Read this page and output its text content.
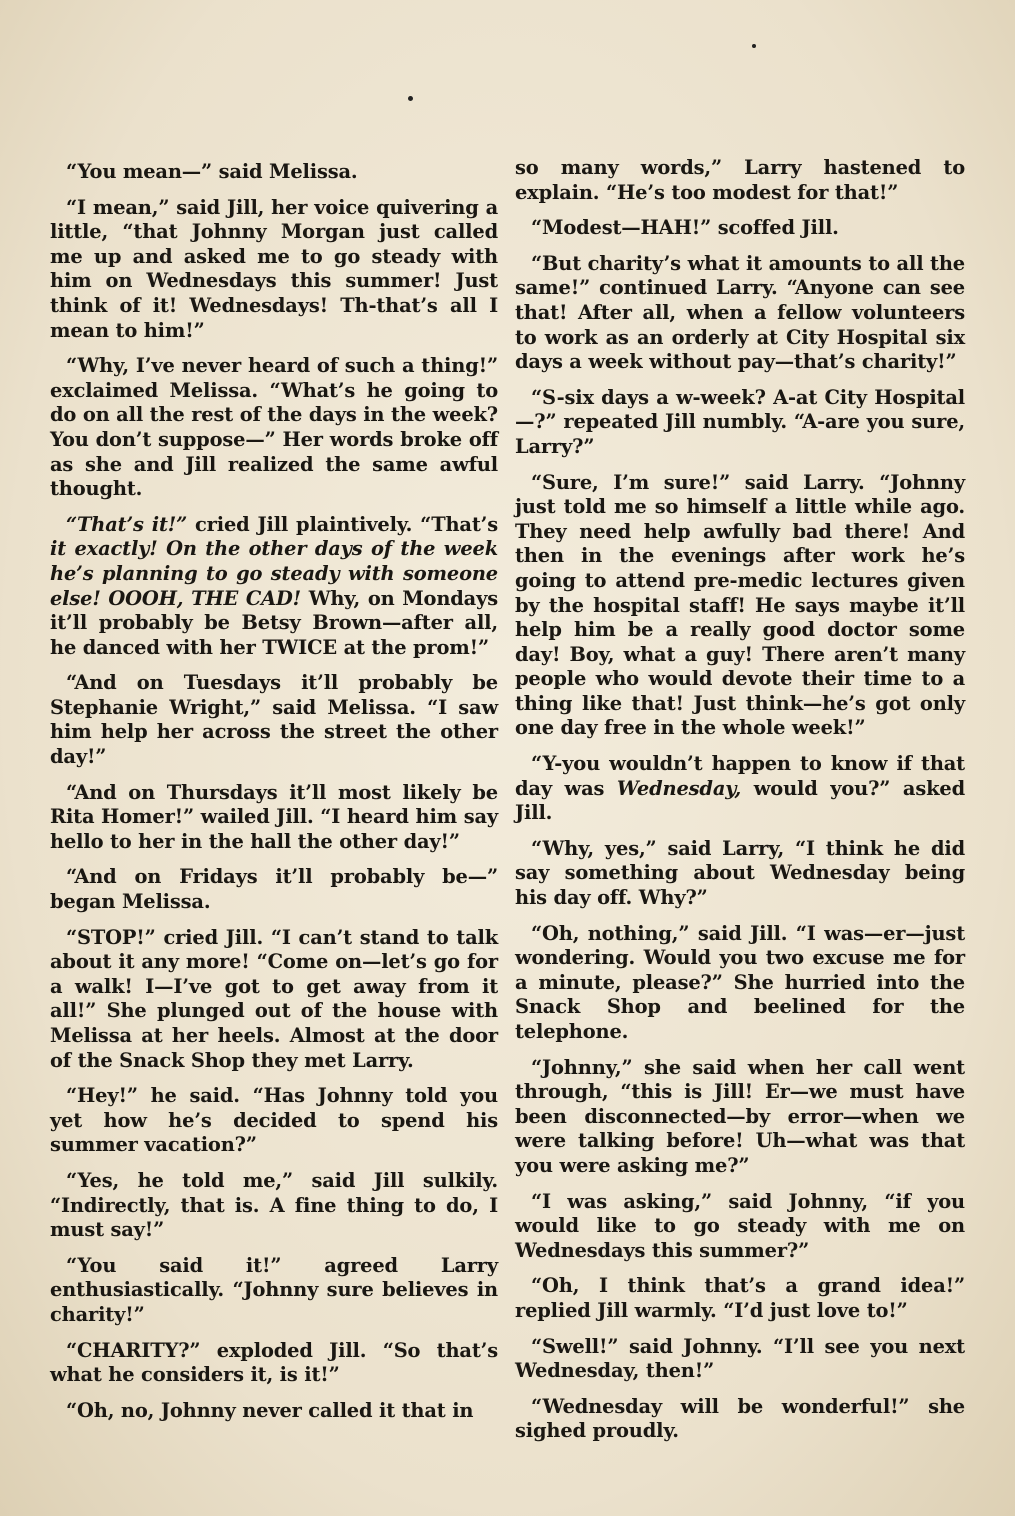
“You mean—” said Melissa.

“I mean,” said Jill, her voice quivering a little, “that Johnny Morgan just called me up and asked me to go steady with him on Wednesdays this summer! Just think of it! Wednesdays! Th-that’s all I mean to him!”

“Why, I’ve never heard of such a thing!” exclaimed Melissa. “What’s he going to do on all the rest of the days in the week? You don’t suppose—” Her words broke off as she and Jill realized the same awful thought.

“That’s it!” cried Jill plaintively. “That’s it exactly! On the other days of the week he’s planning to go steady with someone else! OOOH, THE CAD! Why, on Mondays it’ll probably be Betsy Brown—after all, he danced with her TWICE at the prom!”

“And on Tuesdays it’ll probably be Stephanie Wright,” said Melissa. “I saw him help her across the street the other day!”

“And on Thursdays it’ll most likely be Rita Homer!” wailed Jill. “I heard him say hello to her in the hall the other day!”

“And on Fridays it’ll probably be—” began Melissa.

“STOP!” cried Jill. “I can’t stand to talk about it any more! “Come on—let’s go for a walk! I—I’ve got to get away from it all!” She plunged out of the house with Melissa at her heels. Almost at the door of the Snack Shop they met Larry.

“Hey!” he said. “Has Johnny told you yet how he’s decided to spend his summer vacation?”

“Yes, he told me,” said Jill sulkily. “Indirectly, that is. A fine thing to do, I must say!”

“You said it!” agreed Larry enthusiastically. “Johnny sure believes in charity!”

“CHARITY?” exploded Jill. “So that’s what he considers it, is it!”

“Oh, no, Johnny never called it that in

so many words,” Larry hastened to explain. “He’s too modest for that!”

“Modest—HAH!” scoffed Jill.

“But charity’s what it amounts to all the same!” continued Larry. “Anyone can see that! After all, when a fellow volunteers to work as an orderly at City Hospital six days a week without pay—that’s charity!”

“S-six days a w-week? A-at City Hospital —?” repeated Jill numbly. “A-are you sure, Larry?”

“Sure, I’m sure!” said Larry. “Johnny just told me so himself a little while ago. They need help awfully bad there! And then in the evenings after work he’s going to attend pre-medic lectures given by the hospital staff! He says maybe it’ll help him be a really good doctor some day! Boy, what a guy! There aren’t many people who would devote their time to a thing like that! Just think—he’s got only one day free in the whole week!”

“Y-you wouldn’t happen to know if that day was Wednesday, would you?” asked Jill.

“Why, yes,” said Larry, “I think he did say something about Wednesday being his day off. Why?”

“Oh, nothing,” said Jill. “I was—er—just wondering. Would you two excuse me for a minute, please?” She hurried into the Snack Shop and beelined for the telephone.

“Johnny,” she said when her call went through, “this is Jill! Er—we must have been disconnected—by error—when we were talking before! Uh—what was that you were asking me?”

“I was asking,” said Johnny, “if you would like to go steady with me on Wednesdays this summer?”

“Oh, I think that’s a grand idea!” replied Jill warmly. “I’d just love to!”

“Swell!” said Johnny. “I’ll see you next Wednesday, then!”

“Wednesday will be wonderful!” she sighed proudly.
